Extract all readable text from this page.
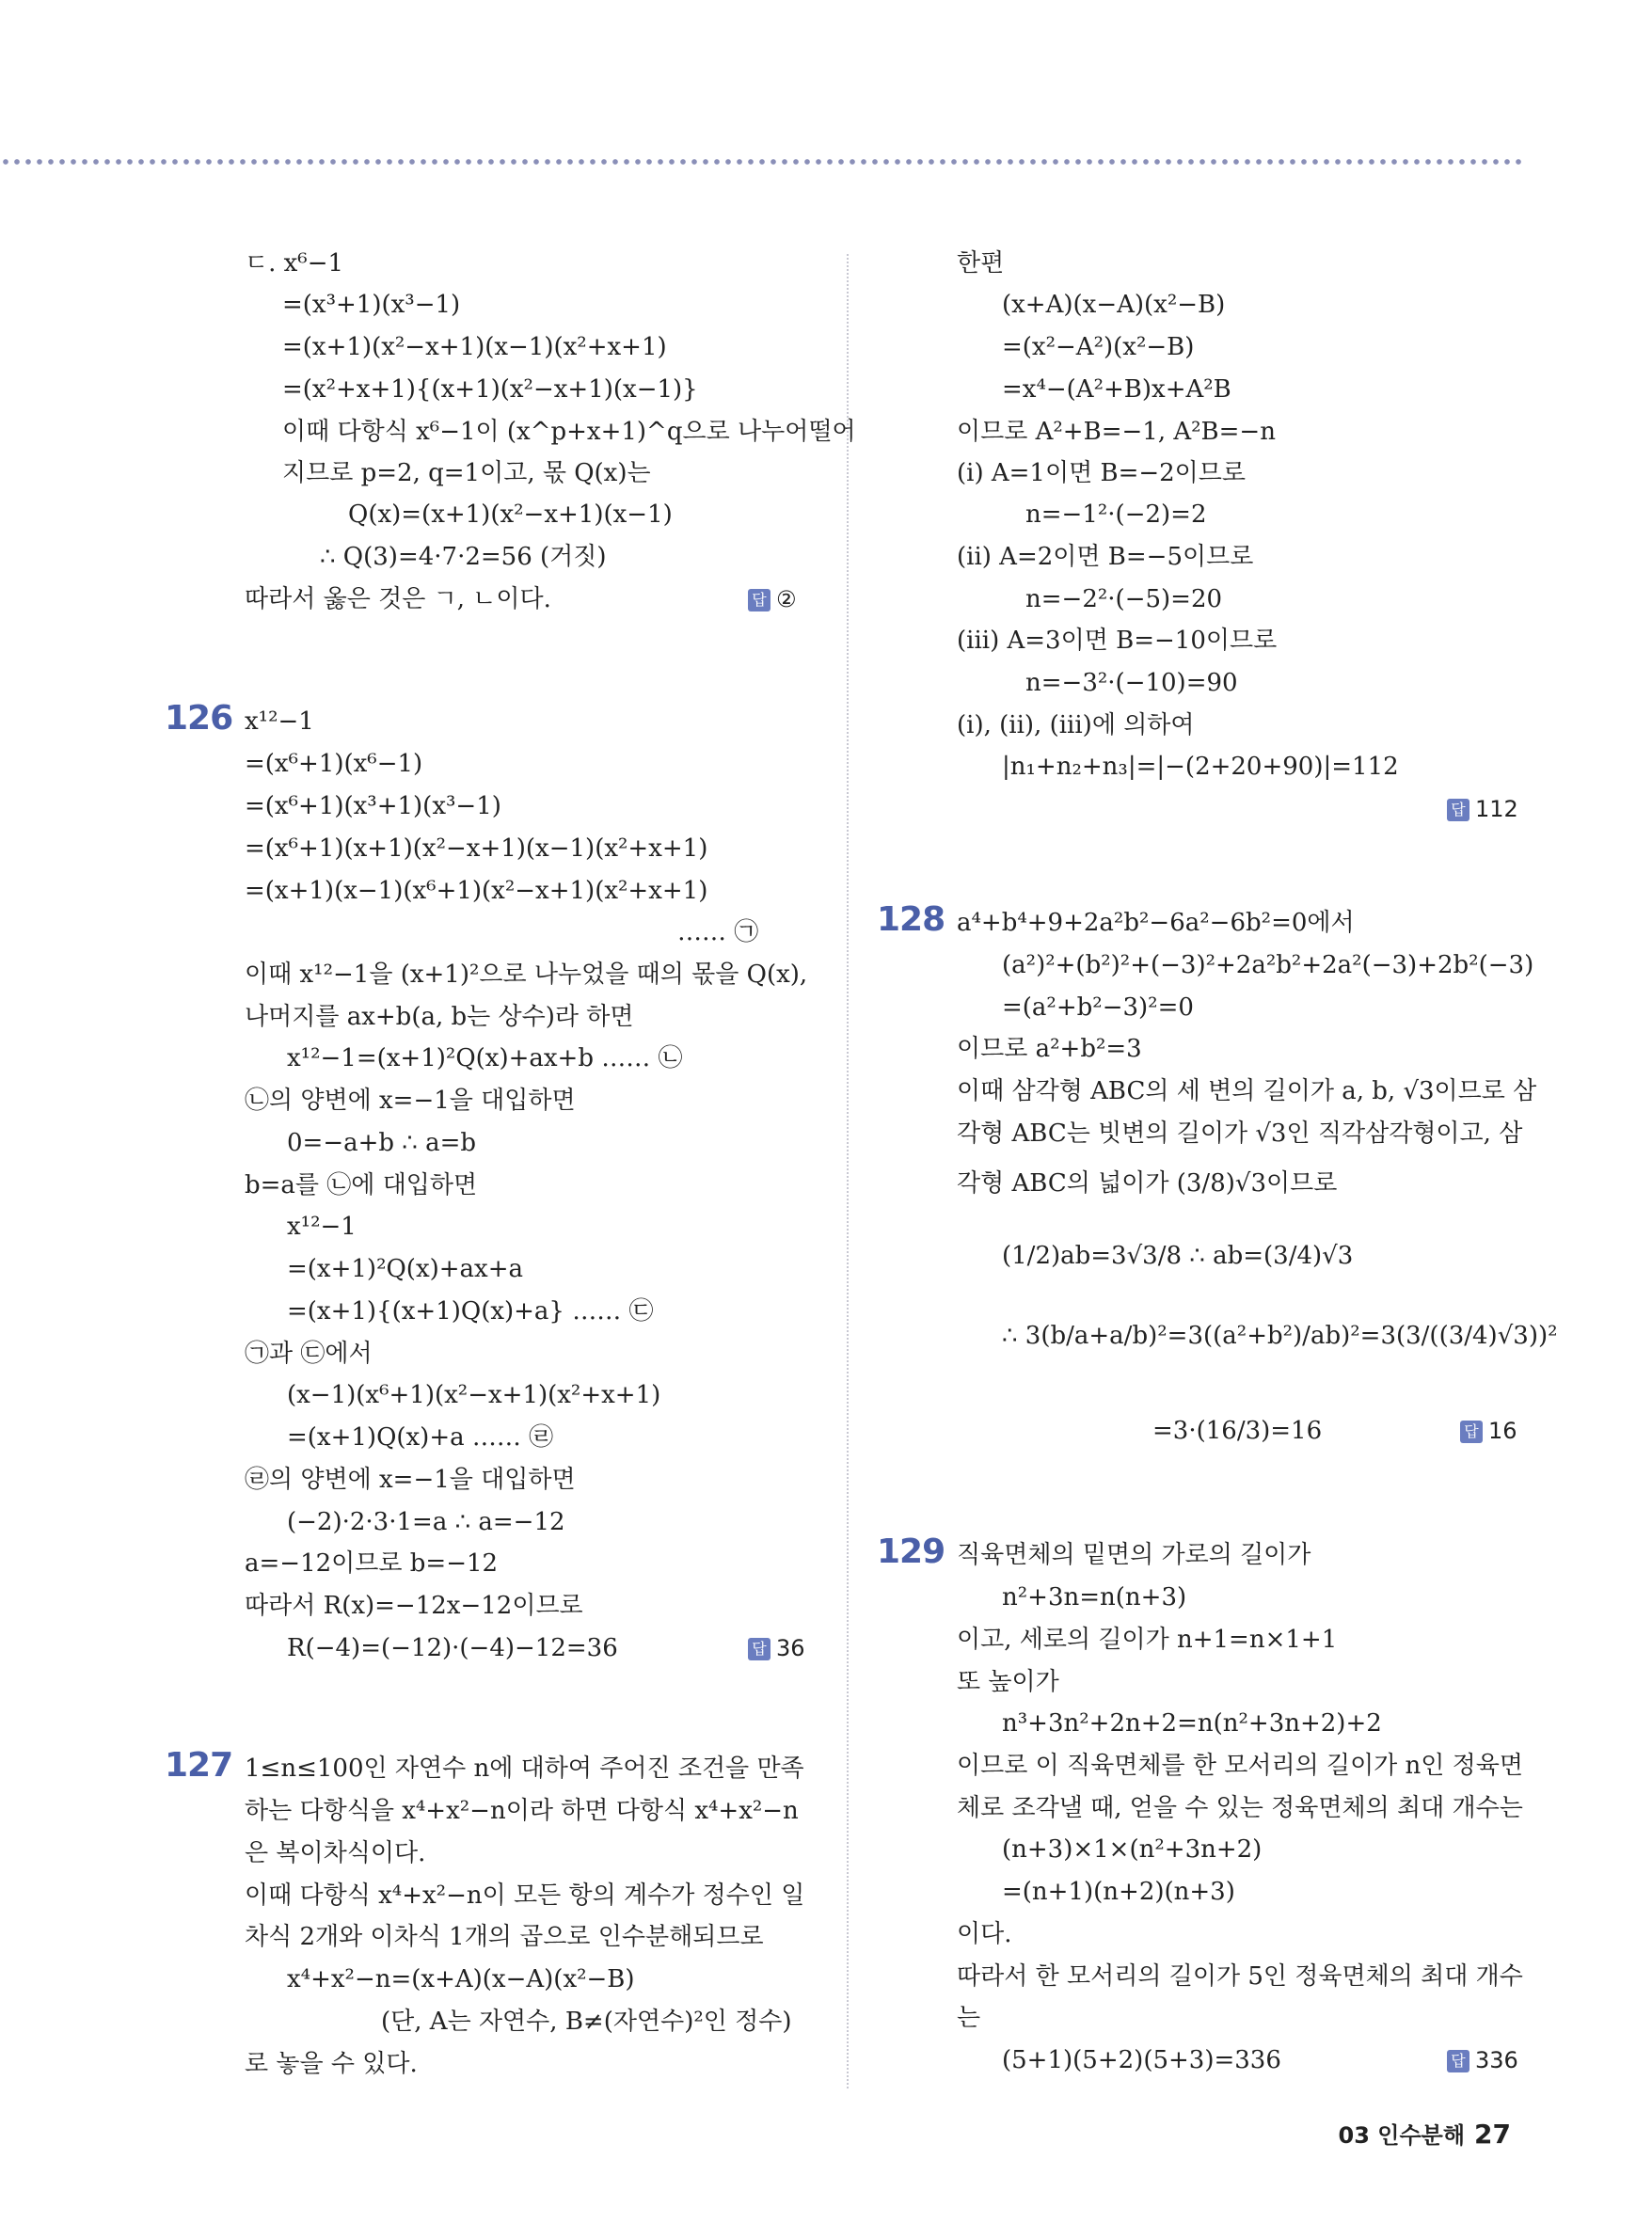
ㄷ. x⁶−1
=(x³+1)(x³−1)
=(x+1)(x²−x+1)(x−1)(x²+x+1)
=(x²+x+1){(x+1)(x²−x+1)(x−1)}
이때 다항식 x⁶−1이 (x^p+x+1)^q으로 나누어떨어
지므로 p=2, q=1이고, 몫 Q(x)는
Q(x)=(x+1)(x²−x+1)(x−1)
∴ Q(3)=4·7·2=56 (거짓)
따라서 옳은 것은 ㄱ, ㄴ이다.	답 ②
126 x¹²−1
=(x⁶+1)(x⁶−1)
=(x⁶+1)(x³+1)(x³−1)
=(x⁶+1)(x+1)(x²−x+1)(x−1)(x²+x+1)
=(x+1)(x−1)(x⁶+1)(x²−x+1)(x²+x+1)
…… ㉠
이때 x¹²−1을 (x+1)²으로 나누었을 때의 몫을 Q(x),
나머지를 ax+b(a, b는 상수)라 하면
x¹²−1=(x+1)²Q(x)+ax+b …… ㉡
㉡의 양변에 x=−1을 대입하면
0=−a+b ∴ a=b
b=a를 ㉡에 대입하면
x¹²−1
=(x+1)²Q(x)+ax+a
=(x+1){(x+1)Q(x)+a} …… ㉢
㉠과 ㉢에서
(x−1)(x⁶+1)(x²−x+1)(x²+x+1)
=(x+1)Q(x)+a …… ㉣
㉣의 양변에 x=−1을 대입하면
(−2)·2·3·1=a ∴ a=−12
a=−12이므로 b=−12
따라서 R(x)=−12x−12이므로
R(−4)=(−12)·(−4)−12=36	답 36
127 1≤n≤100인 자연수 n에 대하여 주어진 조건을 만족
하는 다항식을 x⁴+x²−n이라 하면 다항식 x⁴+x²−n
은 복이차식이다.
이때 다항식 x⁴+x²−n이 모든 항의 계수가 정수인 일
차식 2개와 이차식 1개의 곱으로 인수분해되므로
x⁴+x²−n=(x+A)(x−A)(x²−B)
(단, A는 자연수, B≠(자연수)²인 정수)
로 놓을 수 있다.
한편
(x+A)(x−A)(x²−B)
=(x²−A²)(x²−B)
=x⁴−(A²+B)x+A²B
이므로 A²+B=−1, A²B=−n
(i) A=1이면 B=−2이므로
n=−1²·(−2)=2
(ii) A=2이면 B=−5이므로
n=−2²·(−5)=20
(iii) A=3이면 B=−10이므로
n=−3²·(−10)=90
(i), (ii), (iii)에 의하여
|n₁+n₂+n₃|=|−(2+20+90)|=112
답 112
128 a⁴+b⁴+9+2a²b²−6a²−6b²=0에서
(a²)²+(b²)²+(−3)²+2a²b²+2a²(−3)+2b²(−3)
=(a²+b²−3)²=0
이므로 a²+b²=3
이때 삼각형 ABC의 세 변의 길이가 a, b, √3이므로 삼
각형 ABC는 빗변의 길이가 √3인 직각삼각형이고, 삼
각형 ABC의 넓이가 (3/8)√3이므로
(1/2)ab=3√3/8 ∴ ab=(3/4)√3
∴ 3(b/a+a/b)²=3((a²+b²)/ab)²=3(3/((3/4)√3))²
=3·(16/3)=16	답 16
129 직육면체의 밑면의 가로의 길이가
n²+3n=n(n+3)
이고, 세로의 길이가 n+1=n×1+1
또 높이가
n³+3n²+2n+2=n(n²+3n+2)+2
이므로 이 직육면체를 한 모서리의 길이가 n인 정육면
체로 조각낼 때, 얻을 수 있는 정육면체의 최대 개수는
(n+3)×1×(n²+3n+2)
=(n+1)(n+2)(n+3)
이다.
따라서 한 모서리의 길이가 5인 정육면체의 최대 개수
는
(5+1)(5+2)(5+3)=336	답 336
03 인수분해 27
